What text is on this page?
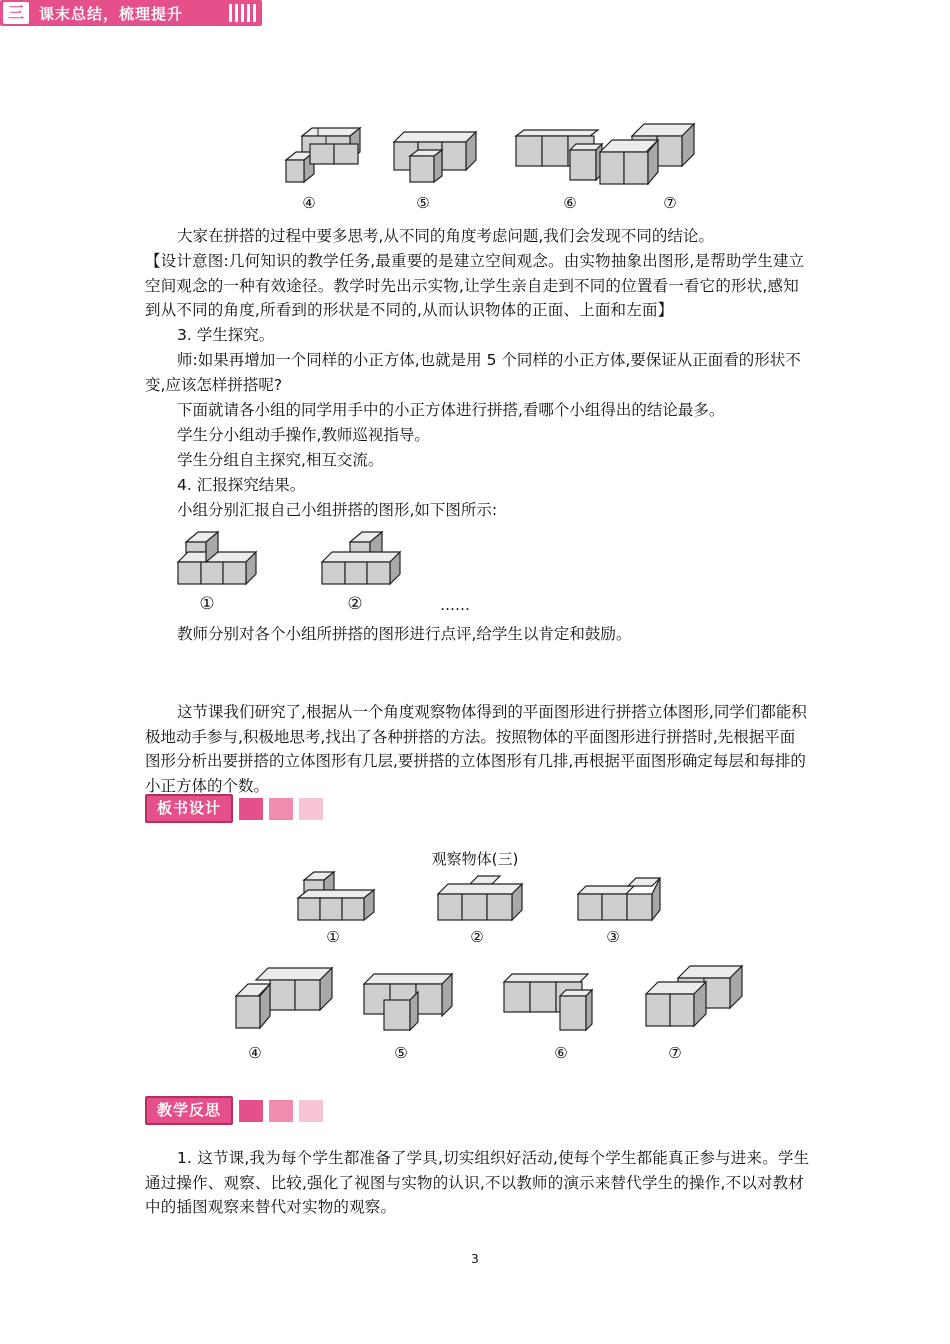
④	⑤	⑥	⑦
大家在拼搭的过程中要多思考,从不同的角度考虑问题,我们会发现不同的结论。
【设计意图:几何知识的教学任务,最重要的是建立空间观念。由实物抽象出图形,是帮助学生建立空间观念的一种有效途径。教学时先出示实物,让学生亲自走到不同的位置看一看它的形状,感知到从不同的角度,所看到的形状是不同的,从而认识物体的正面、上面和左面】
3. 学生探究。
师:如果再增加一个同样的小正方体,也就是用 5 个同样的小正方体,要保证从正面看的形状不变,应该怎样拼搭呢?
下面就请各小组的同学用手中的小正方体进行拼搭,看哪个小组得出的结论最多。
学生分小组动手操作,教师巡视指导。
学生分组自主探究,相互交流。
4. 汇报探究结果。
小组分别汇报自己小组拼搭的图形,如下图所示:
①	②	……
教师分别对各个小组所拼搭的图形进行点评,给学生以肯定和鼓励。
三	课末总结，梳理提升
这节课我们研究了,根据从一个角度观察物体得到的平面图形进行拼搭立体图形,同学们都能积极地动手参与,积极地思考,找出了各种拼搭的方法。按照物体的平面图形进行拼搭时,先根据平面图形分析出要拼搭的立体图形有几层,要拼搭的立体图形有几排,再根据平面图形确定每层和每排的小正方体的个数。
板书设计
观察物体(三)
①	②	③
④	⑤	⑥	⑦
教学反思
1. 这节课,我为每个学生都准备了学具,切实组织好活动,使每个学生都能真正参与进来。学生通过操作、观察、比较,强化了视图与实物的认识,不以教师的演示来替代学生的操作,不以对教材中的插图观察来替代对实物的观察。
3
